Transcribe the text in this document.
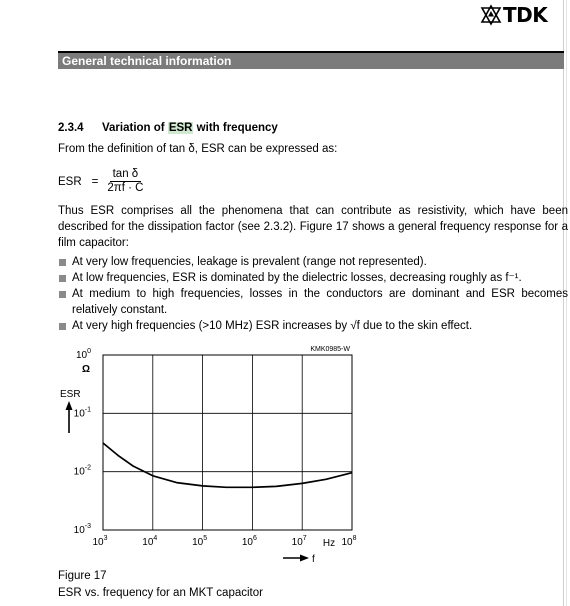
TDK
General technical information
2.3.4 Variation of ESR with frequency
From the definition of tan δ, ESR can be expressed as:
ESR = $\frac{\text{tan δ}}{2\pi f \cdot C}$
Thus ESR comprises all the phenomena that can contribute as resistivity, which have been described for the dissipation factor (see 2.3.2). Figure 17 shows a general frequency response for a film capacitor:
At very low frequencies, leakage is prevalent (range not represented).
At low frequencies, ESR is dominated by the dielectric losses, decreasing roughly as f⁻¹.
At medium to high frequencies, losses in the conductors are dominant and ESR becomes relatively constant.
At very high frequencies (>10 MHz) ESR increases by √f due to the skin effect.
KMK0985-W
$10^0$
$10^{-1}$
$10^{-2}$
$10^{-3}$
$10^3$	$10^4$	$10^5$	$10^6$	$10^7$	$10^8$
Ω
ESR
Hz
f
Figure 17
ESR vs. frequency for an MKT capacitor
